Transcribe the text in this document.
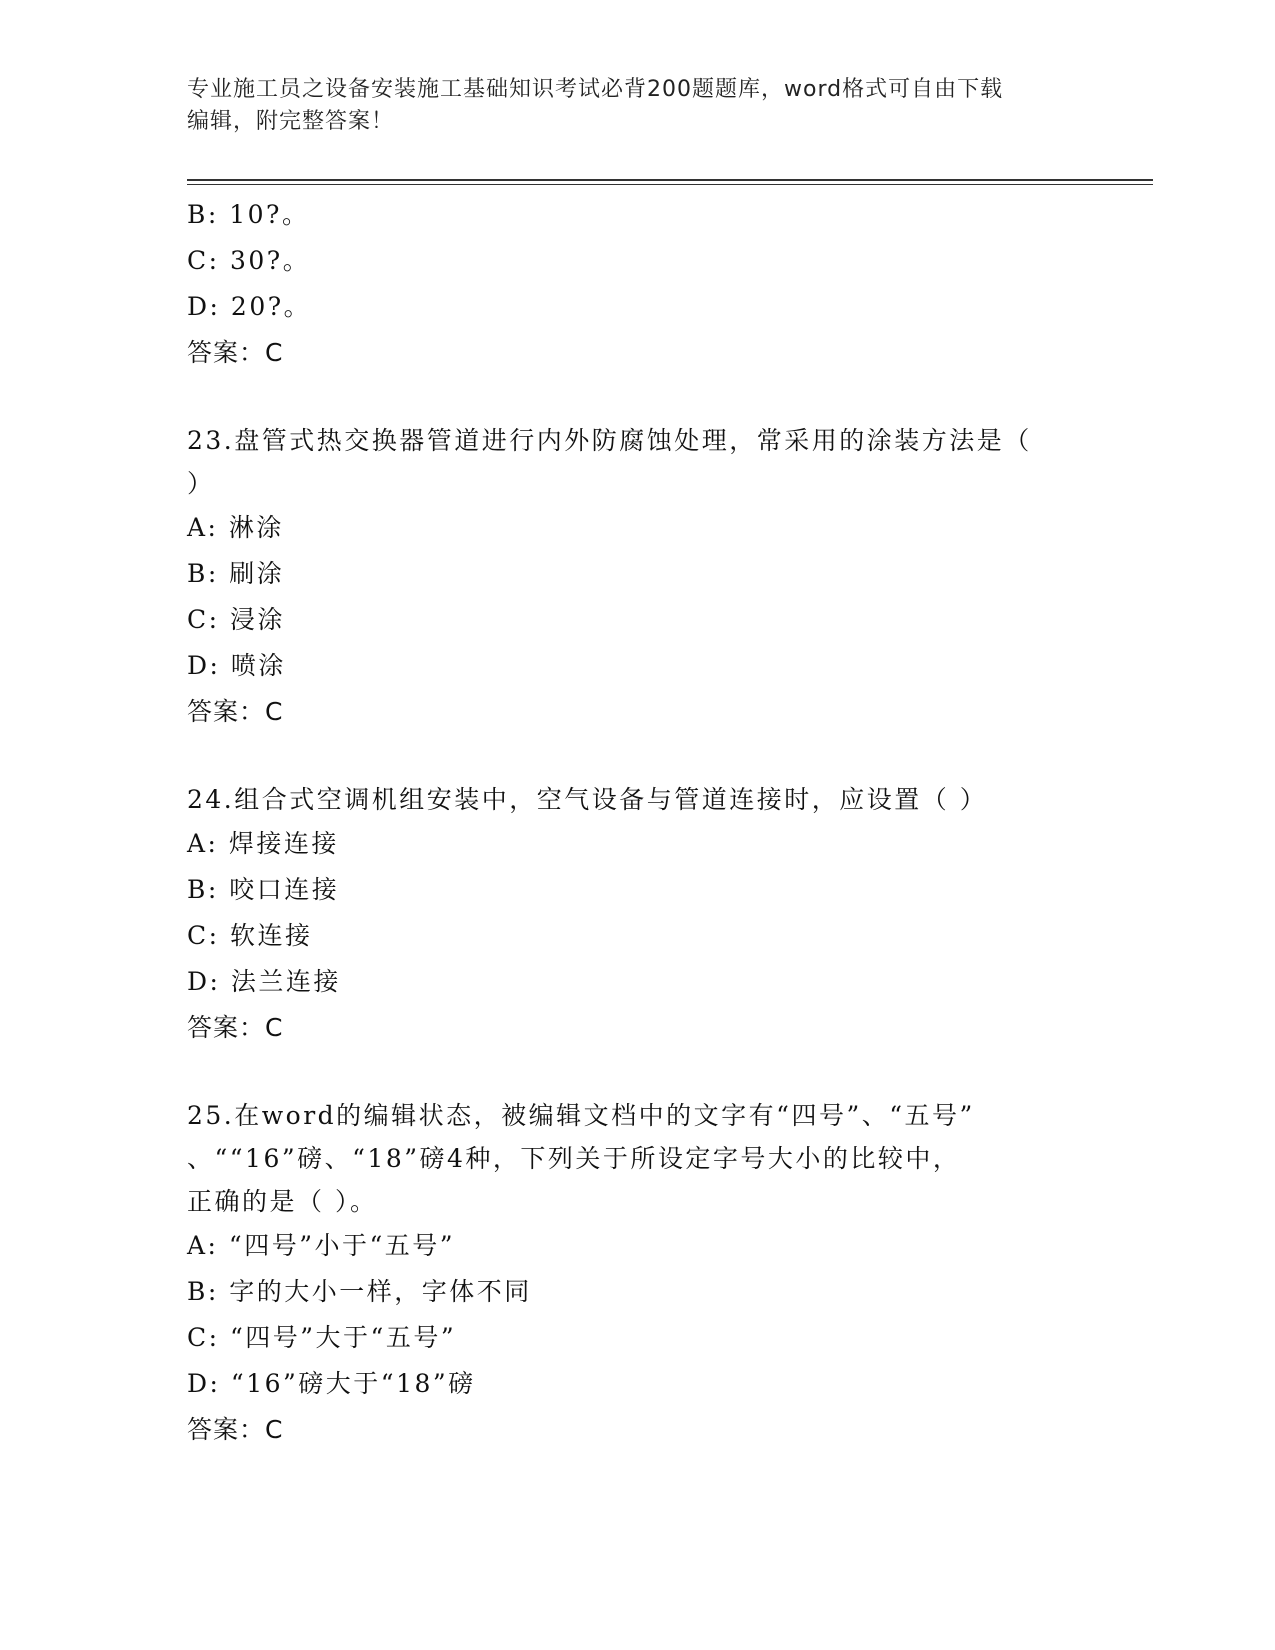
专业施工员之设备安装施工基础知识考试必背200题题库，word格式可自由下载
编辑，附完整答案！
B: 10?。
C: 30?。
D: 20?。
答案：C
23.盘管式热交换器管道进行内外防腐蚀处理，常采用的涂装方法是（
）
A: 淋涂
B: 刷涂
C: 浸涂
D: 喷涂
答案：C
24.组合式空调机组安装中，空气设备与管道连接时，应设置（ ）
A: 焊接连接
B: 咬口连接
C: 软连接
D: 法兰连接
答案：C
25.在word的编辑状态，被编辑文档中的文字有“四号”、“五号”
、““16”磅、“18”磅4种，下列关于所设定字号大小的比较中，
正确的是（ ）。
A: “四号”小于“五号”
B: 字的大小一样，字体不同
C: “四号”大于“五号”
D: “16”磅大于“18”磅
答案：C
